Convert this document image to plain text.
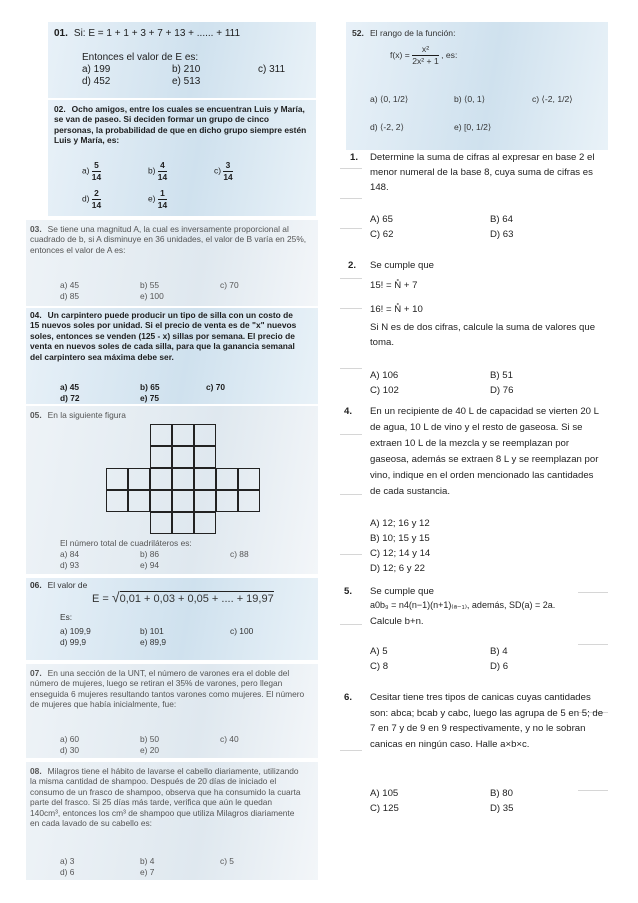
01. Si: E = 1 + 1 + 3 + 7 + 13 + ...... + 111
Entonces el valor de E es:
a) 199	b) 210	c) 311
d) 452	e) 513
02. Ocho amigos, entre los cuales se encuentran Luis y María, se van de paseo. Si deciden formar un grupo de cinco personas, la probabilidad de que en dicho grupo siempre estén Luis y María, es:
$a) \frac{5}{14}$	$b) \frac{4}{14}$	$c) \frac{3}{14}$
$d) \frac{2}{14}$	$e) \frac{1}{14}$
03. Se tiene una magnitud A, la cual es inversamente proporcional al cuadrado de b, si A disminuye en 36 unidades, el valor de B varía en 25%, entonces el valor de A es:
a) 45	b) 55	c) 70
d) 85	e) 100
04. Un carpintero puede producir un tipo de silla con un costo de 15 nuevos soles por unidad. Si el precio de venta es de "x" nuevos soles, entonces se venden (125 - x) sillas por semana. El precio de venta en nuevos soles de cada silla, para que la ganancia semanal del carpintero sea máxima debe ser.
a) 45	b) 65	c) 70
d) 72	e) 75
05. En la siguiente figura
El número total de cuadriláteros es:
a) 84	b) 86	c) 88
d) 93	e) 94
06. El valor de
E = √0,01 + 0,03 + 0,05 + .... + 19,97
Es:
a) 109,9	b) 101	c) 100
d) 99,9	e) 89,9
07. En una sección de la UNT, el número de varones era el doble del número de mujeres, luego se retiran el 35% de varones, pero llegan enseguida 6 mujeres resultando tantos varones como mujeres. El número de mujeres que había inicialmente, fue:
a) 60	b) 50	c) 40
d) 30	e) 20
08. Milagros tiene el hábito de lavarse el cabello diariamente, utilizando la misma cantidad de shampoo. Después de 20 días de iniciado el consumo de un frasco de shampoo, observa que ha consumido la cuarta parte del frasco. Si 25 días más tarde, verifica que aún le quedan 140cm³, entonces los cm³ de shampoo que utiliza Milagros diariamente en cada lavado de su cabello es:
a) 3	b) 4	c) 5
d) 6	e) 7
52. El rango de la función:
$f(x) = \frac{\text{x²}}{\text{2x² + 1}}$ , es:
a) ⟨0, 1/2⟩	b) ⟨0, 1⟩	c) ⟨-2, 1/2⟩
d) ⟨-2, 2⟩	e) [0, 1/2⟩
1. Determine la suma de cifras al expresar en base 2 el menor numeral de la base 8, cuya suma de cifras es 148.
A) 65	B) 64
C) 62	D) 63
2. Se cumple que
15! = N̊ + 7
16! = N̊ + 10
Si N es de dos cifras, calcule la suma de valores que toma.
A) 106	B) 51
C) 102	D) 76
4. En un recipiente de 40 L de capacidad se vierten 20 L de agua, 10 L de vino y el resto de gaseosa. Si se extraen 10 L de la mezcla y se reemplazan por gaseosa, además se extraen 8 L y se reemplazan por vino, indique en el orden mencionado las cantidades de cada sustancia.
A) 12; 16 y 12
B) 10; 15 y 15
C) 12; 14 y 14
D) 12; 6 y 22
5. Se cumple que
a0b₉ = n4(n−1)(n+1)₍ₐ₋₁₎, además, SD(a) = 2a.
Calcule b+n.
A) 5	B) 4
C) 8	D) 6
6. Cesitar tiene tres tipos de canicas cuyas cantidades son: abca; bcab y cabc, luego las agrupa de 5 en 5; de 7 en 7 y de 9 en 9 respectivamente, y no le sobran canicas en ningún caso. Halle a×b×c.
A) 105	B) 80
C) 125	D) 35
